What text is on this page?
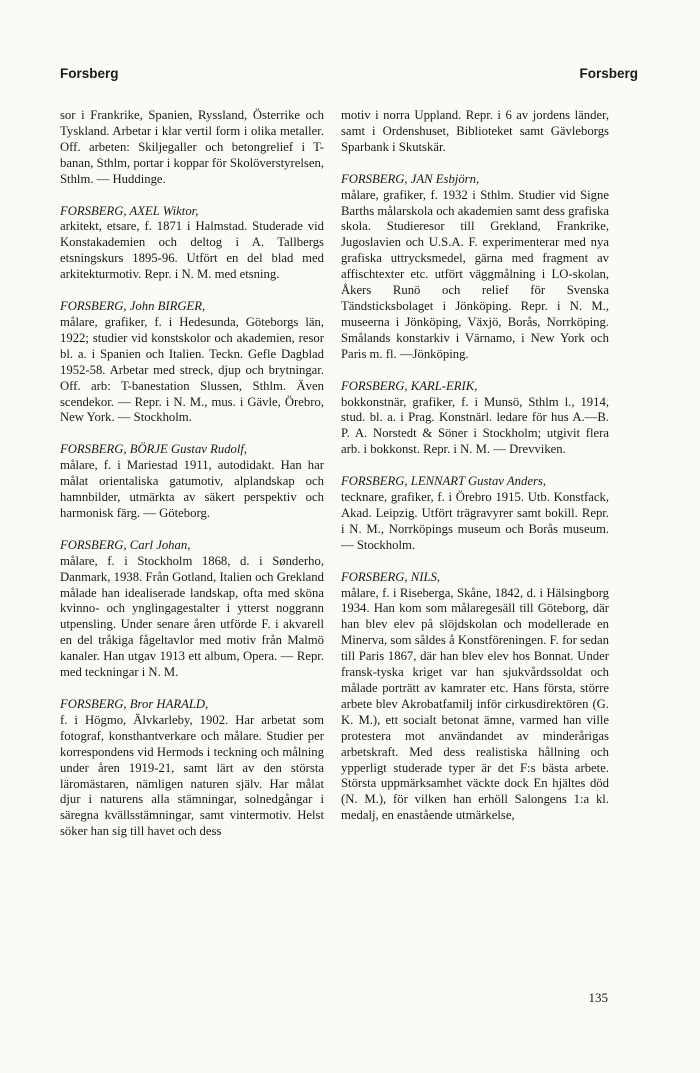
Forsberg	Forsberg

sor i Frankrike, Spanien, Ryssland, Österrike och Tyskland. Arbetar i klar vertil form i olika metaller. Off. arbeten: Skiljegaller och betongrelief i T-banan, Sthlm, portar i koppar för Skolöverstyrelsen, Sthlm. — Huddinge.

FORSBERG, AXEL Wiktor,

arkitekt, etsare, f. 1871 i Halmstad. Studerade vid Konstakademien och deltog i A. Tallbergs etsningskurs 1895-96. Utfört en del blad med arkitekturmotiv. Repr. i N. M. med etsning.

FORSBERG, John BIRGER,

målare, grafiker, f. i Hedesunda, Göteborgs län, 1922; studier vid konstskolor och akademien, resor bl. a. i Spanien och Italien. Teckn. Gefle Dagblad 1952-58. Arbetar med streck, djup och brytningar. Off. arb: T-banestation Slussen, Sthlm. Även scendekor. — Repr. i N. M., mus. i Gävle, Örebro, New York. — Stockholm.

FORSBERG, BÖRJE Gustav Rudolf,

målare, f. i Mariestad 1911, autodidakt. Han har målat orientaliska gatumotiv, alplandskap och hamnbilder, utmärkta av säkert perspektiv och harmonisk färg. — Göteborg.

FORSBERG, Carl Johan,

målare, f. i Stockholm 1868, d. i Sønderho, Danmark, 1938. Från Gotland, Italien och Grekland målade han idealiserade landskap, ofta med sköna kvinno- och ynglingagestalter i ytterst noggrann utpensling. Under senare åren utförde F. i akvarell en del tråkiga fågeltavlor med motiv från Malmö kanaler. Han utgav 1913 ett album, Opera. — Repr. med teckningar i N. M.

FORSBERG, Bror HARALD,

f. i Högmo, Älvkarleby, 1902. Har arbetat som fotograf, konsthantverkare och målare. Studier per korrespondens vid Hermods i teckning och målning under åren 1919-21, samt lärt av den största läromästaren, nämligen naturen själv. Har målat djur i naturens alla stämningar, solnedgångar i säregna kvällsstämningar, samt vintermotiv. Helst söker han sig till havet och dess

motiv i norra Uppland. Repr. i 6 av jordens länder, samt i Ordenshuset, Biblioteket samt Gävleborgs Sparbank i Skutskär.

FORSBERG, JAN Esbjörn,

målare, grafiker, f. 1932 i Sthlm. Studier vid Signe Barths målarskola och akademien samt dess grafiska skola. Studieresor till Grekland, Frankrike, Jugoslavien och U.S.A. F. experimenterar med nya grafiska uttrycksmedel, gärna med fragment av affischtexter etc. utfört väggmålning i LO-skolan, Åkers Runö och relief för Svenska Tändsticksbolaget i Jönköping. Repr. i N. M., museerna i Jönköping, Växjö, Borås, Norrköping. Smålands konstarkiv i Värnamo, i New York och Paris m. fl. —Jönköping.

FORSBERG, KARL-ERIK,

bokkonstnär, grafiker, f. i Munsö, Sthlm l., 1914, stud. bl. a. i Prag. Konstnärl. ledare för hus A.—B. P. A. Norstedt & Söner i Stockholm; utgivit flera arb. i bokkonst. Repr. i N. M. — Drevviken.

FORSBERG, LENNART Gustav Anders,

tecknare, grafiker, f. i Örebro 1915. Utb. Konstfack, Akad. Leipzig. Utfört trägravyrer samt bokill. Repr. i N. M., Norrköpings museum och Borås museum. — Stockholm.

FORSBERG, NILS,

målare, f. i Riseberga, Skåne, 1842, d. i Hälsingborg 1934. Han kom som målaregesäll till Göteborg, där han blev elev på slöjdskolan och modellerade en Minerva, som såldes å Konstföreningen. F. for sedan till Paris 1867, där han blev elev hos Bonnat. Under fransk-tyska kriget var han sjukvårdssoldat och målade porträtt av kamrater etc. Hans första, större arbete blev Akrobatfamilj inför cirkusdirektören (G. K. M.), ett socialt betonat ämne, varmed han ville protestera mot användandet av minderårigas arbetskraft. Med dess realistiska hållning och ypperligt studerade typer är det F:s bästa arbete. Största uppmärksamhet väckte dock En hjältes död (N. M.), för vilken han erhöll Salongens 1:a kl. medalj, en enastående utmärkelse,

135
